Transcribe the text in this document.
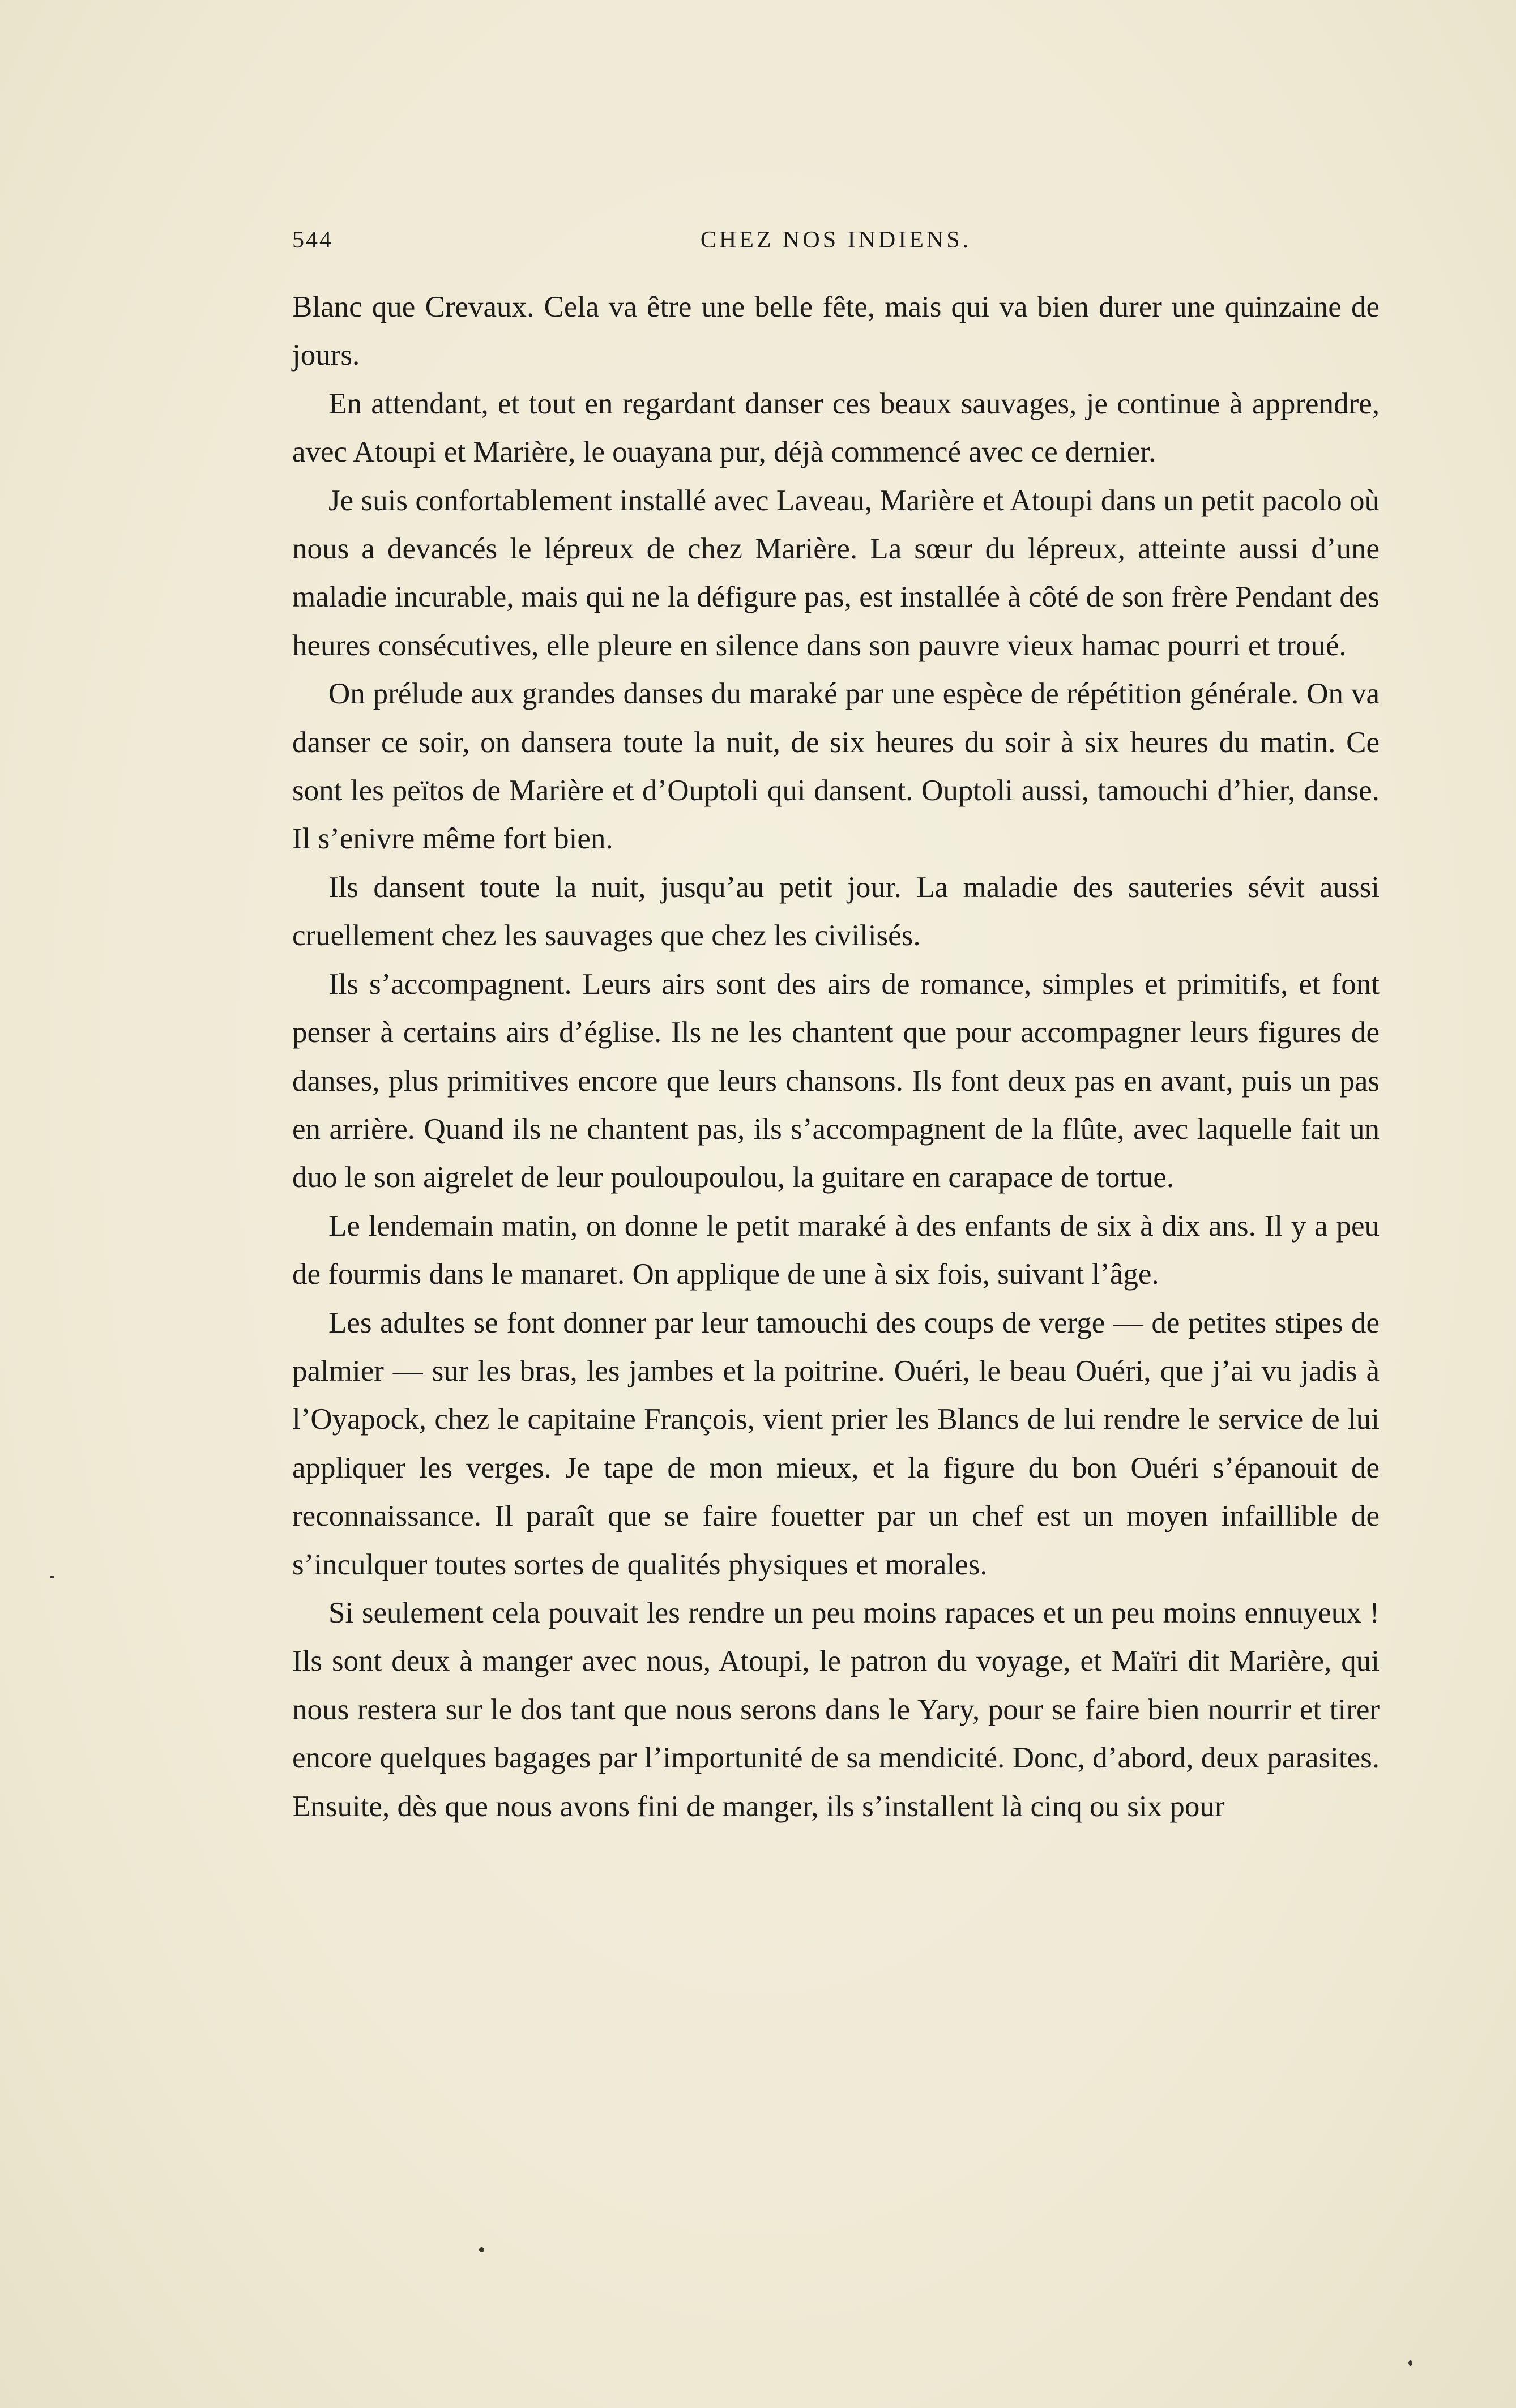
544	CHEZ NOS INDIENS.

Blanc que Crevaux. Cela va être une belle fête, mais qui va bien durer une quinzaine de jours.

En attendant, et tout en regardant danser ces beaux sauvages, je continue à apprendre, avec Atoupi et Marière, le ouayana pur, déjà commencé avec ce dernier.

Je suis confortablement installé avec Laveau, Marière et Atoupi dans un petit pacolo où nous a devancés le lépreux de chez Marière. La sœur du lépreux, atteinte aussi d’une maladie incurable, mais qui ne la défigure pas, est installée à côté de son frère Pendant des heures consécutives, elle pleure en silence dans son pauvre vieux hamac pourri et troué.

On prélude aux grandes danses du maraké par une espèce de répétition générale. On va danser ce soir, on dansera toute la nuit, de six heures du soir à six heures du matin. Ce sont les peïtos de Marière et d’Ouptoli qui dansent. Ouptoli aussi, tamouchi d’hier, danse. Il s’enivre même fort bien.

Ils dansent toute la nuit, jusqu’au petit jour. La maladie des sauteries sévit aussi cruellement chez les sauvages que chez les civilisés.

Ils s’accompagnent. Leurs airs sont des airs de romance, simples et primitifs, et font penser à certains airs d’église. Ils ne les chantent que pour accompagner leurs figures de danses, plus primitives encore que leurs chansons. Ils font deux pas en avant, puis un pas en arrière. Quand ils ne chantent pas, ils s’accompagnent de la flûte, avec laquelle fait un duo le son aigrelet de leur pouloupoulou, la guitare en carapace de tortue.

Le lendemain matin, on donne le petit maraké à des enfants de six à dix ans. Il y a peu de fourmis dans le manaret. On applique de une à six fois, suivant l’âge.

Les adultes se font donner par leur tamouchi des coups de verge — de petites stipes de palmier — sur les bras, les jambes et la poitrine. Ouéri, le beau Ouéri, que j’ai vu jadis à l’Oyapock, chez le capitaine François, vient prier les Blancs de lui rendre le service de lui appliquer les verges. Je tape de mon mieux, et la figure du bon Ouéri s’épanouit de reconnaissance. Il paraît que se faire fouetter par un chef est un moyen infaillible de s’inculquer toutes sortes de qualités physiques et morales.

Si seulement cela pouvait les rendre un peu moins rapaces et un peu moins ennuyeux ! Ils sont deux à manger avec nous, Atoupi, le patron du voyage, et Maïri dit Marière, qui nous restera sur le dos tant que nous serons dans le Yary, pour se faire bien nourrir et tirer encore quelques bagages par l’importunité de sa mendicité. Donc, d’abord, deux parasites. Ensuite, dès que nous avons fini de manger, ils s’installent là cinq ou six pour
